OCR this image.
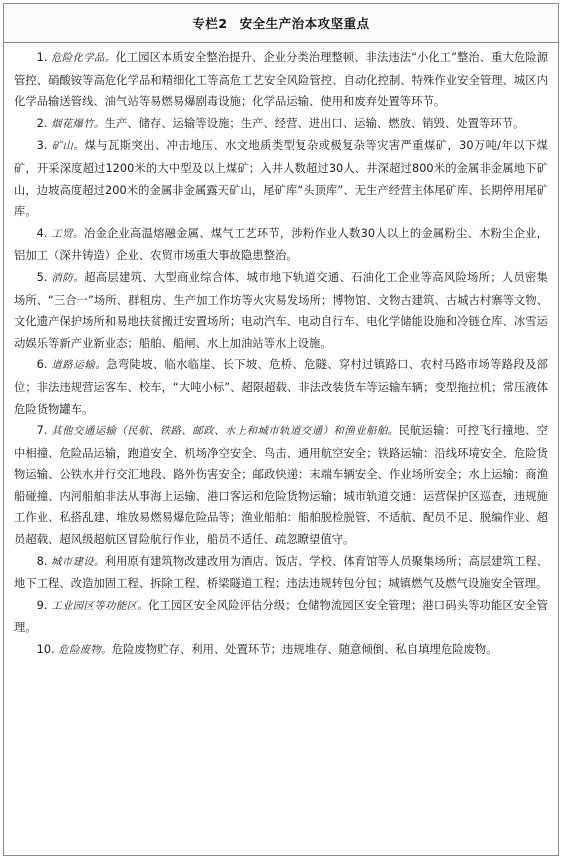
专栏2 安全生产治本攻坚重点

1. 危险化学品。化工园区本质安全整治提升、企业分类治理整顿、非法违法“小化工”整治、重大危险源管控、硝酸铵等高危化学品和精细化工等高危工艺安全风险管控、自动化控制、特殊作业安全管理、城区内化学品输送管线、油气站等易燃易爆剧毒设施；化学品运输、使用和废弃处置等环节。

2. 烟花爆竹。生产、储存、运输等设施；生产、经营、进出口、运输、燃放、销毁、处置等环节。

3. 矿山。煤与瓦斯突出、冲击地压、水文地质类型复杂或极复杂等灾害严重煤矿，30万吨/年以下煤矿，开采深度超过1200米的大中型及以上煤矿；入井人数超过30人、井深超过800米的金属非金属地下矿山，边坡高度超过200米的金属非金属露天矿山，尾矿库“头顶库”、无生产经营主体尾矿库、长期停用尾矿库。

4. 工贸。冶金企业高温熔融金属、煤气工艺环节，涉粉作业人数30人以上的金属粉尘、木粉尘企业，铝加工（深井铸造）企业、农贸市场重大事故隐患整治。

5. 消防。超高层建筑、大型商业综合体、城市地下轨道交通、石油化工企业等高风险场所；人员密集场所、“三合一”场所、群租房、生产加工作坊等火灾易发场所；博物馆、文物古建筑、古城古村寨等文物、文化遗产保护场所和易地扶贫搬迁安置场所；电动汽车、电动自行车、电化学储能设施和冷链仓库、冰雪运动娱乐等新产业新业态；船舶、船闸、水上加油站等水上设施。

6. 道路运输。急弯陡坡、临水临崖、长下坡、危桥、危隧、穿村过镇路口、农村马路市场等路段及部位；非法违规营运客车、校车，“大吨小标”、超限超载、非法改装货车等运输车辆；变型拖拉机；常压液体危险货物罐车。

7. 其他交通运输（民航、铁路、邮政、水上和城市轨道交通）和渔业船舶。民航运输：可控飞行撞地、空中相撞、危险品运输，跑道安全、机场净空安全、鸟击、通用航空安全；铁路运输：沿线环境安全、危险货物运输、公铁水并行交汇地段、路外伤害安全；邮政快递：末端车辆安全、作业场所安全；水上运输：商渔船碰撞、内河船舶非法从事海上运输、港口客运和危险货物运输；城市轨道交通：运营保护区巡查，违规施工作业、私搭乱建、堆放易燃易爆危险品等；渔业船舶：船舶脱检脱管、不适航、配员不足、脱编作业、超员超载、超风级超航区冒险航行作业，船员不适任、疏忽瞭望值守。

8. 城市建设。利用原有建筑物改建改用为酒店、饭店、学校、体育馆等人员聚集场所；高层建筑工程、地下工程、改造加固工程、拆除工程、桥梁隧道工程；违法违规转包分包；城镇燃气及燃气设施安全管理。

9. 工业园区等功能区。化工园区安全风险评估分级；仓储物流园区安全管理；港口码头等功能区安全管理。

10. 危险废物。危险废物贮存、利用、处置环节；违规堆存、随意倾倒、私自填埋危险废物。
